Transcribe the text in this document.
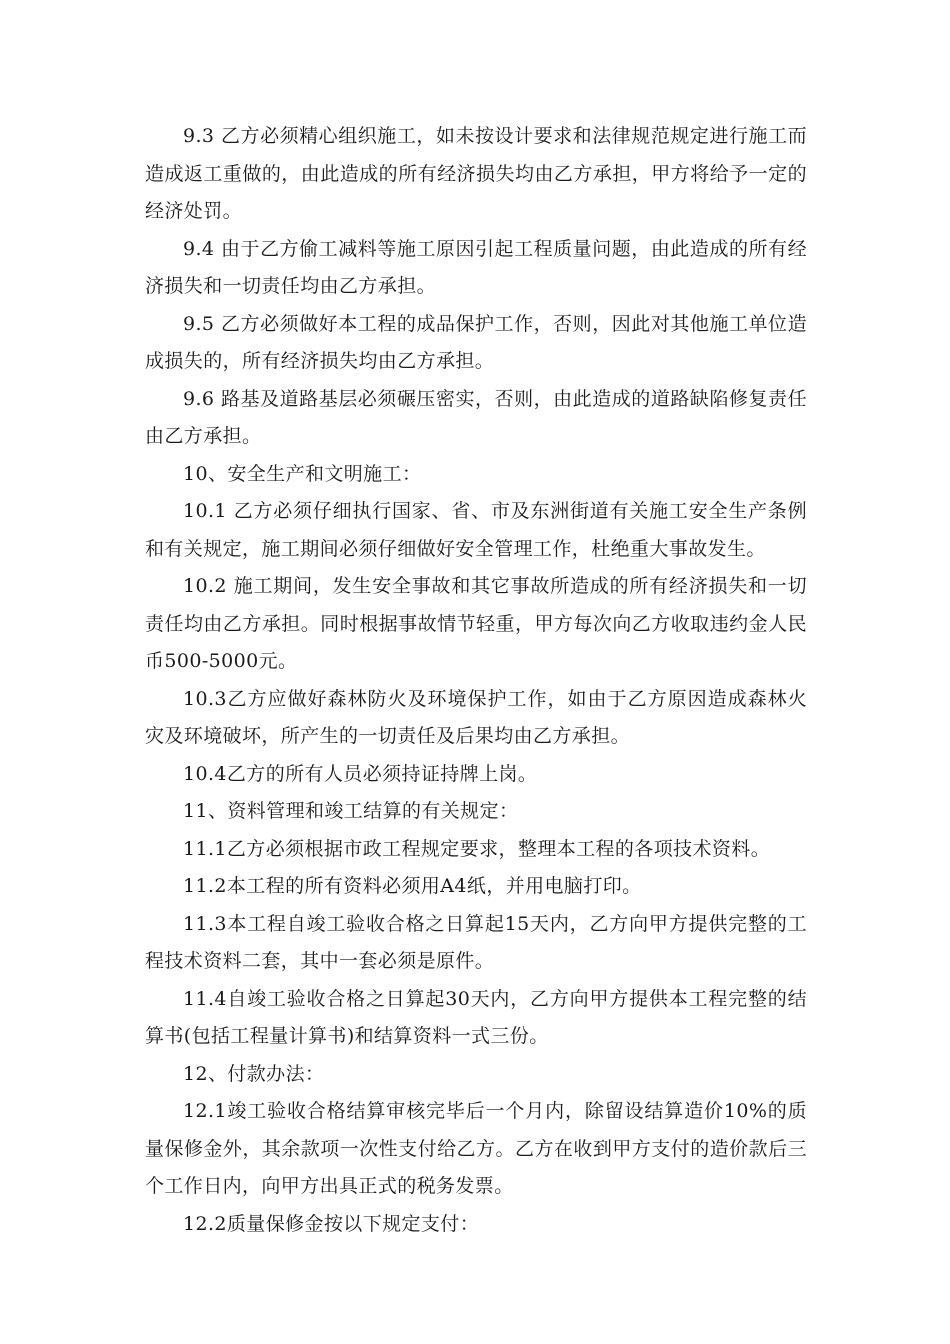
9.3 乙方必须精心组织施工，如未按设计要求和法律规范规定进行施工而造成返工重做的，由此造成的所有经济损失均由乙方承担，甲方将给予一定的经济处罚。

9.4 由于乙方偷工减料等施工原因引起工程质量问题，由此造成的所有经济损失和一切责任均由乙方承担。

9.5 乙方必须做好本工程的成品保护工作，否则，因此对其他施工单位造成损失的，所有经济损失均由乙方承担。

9.6 路基及道路基层必须碾压密实，否则，由此造成的道路缺陷修复责任由乙方承担。

10、安全生产和文明施工：

10.1 乙方必须仔细执行国家、省、市及东洲街道有关施工安全生产条例和有关规定，施工期间必须仔细做好安全管理工作，杜绝重大事故发生。

10.2 施工期间，发生安全事故和其它事故所造成的所有经济损失和一切责任均由乙方承担。同时根据事故情节轻重，甲方每次向乙方收取违约金人民币500-5000元。

10.3乙方应做好森林防火及环境保护工作，如由于乙方原因造成森林火灾及环境破坏，所产生的一切责任及后果均由乙方承担。

10.4乙方的所有人员必须持证持牌上岗。

11、资料管理和竣工结算的有关规定：

11.1乙方必须根据市政工程规定要求，整理本工程的各项技术资料。

11.2本工程的所有资料必须用A4纸，并用电脑打印。

11.3本工程自竣工验收合格之日算起15天内，乙方向甲方提供完整的工程技术资料二套，其中一套必须是原件。

11.4自竣工验收合格之日算起30天内，乙方向甲方提供本工程完整的结算书(包括工程量计算书)和结算资料一式三份。

12、付款办法：

12.1竣工验收合格结算审核完毕后一个月内，除留设结算造价10%的质量保修金外，其余款项一次性支付给乙方。乙方在收到甲方支付的造价款后三个工作日内，向甲方出具正式的税务发票。

12.2质量保修金按以下规定支付：
